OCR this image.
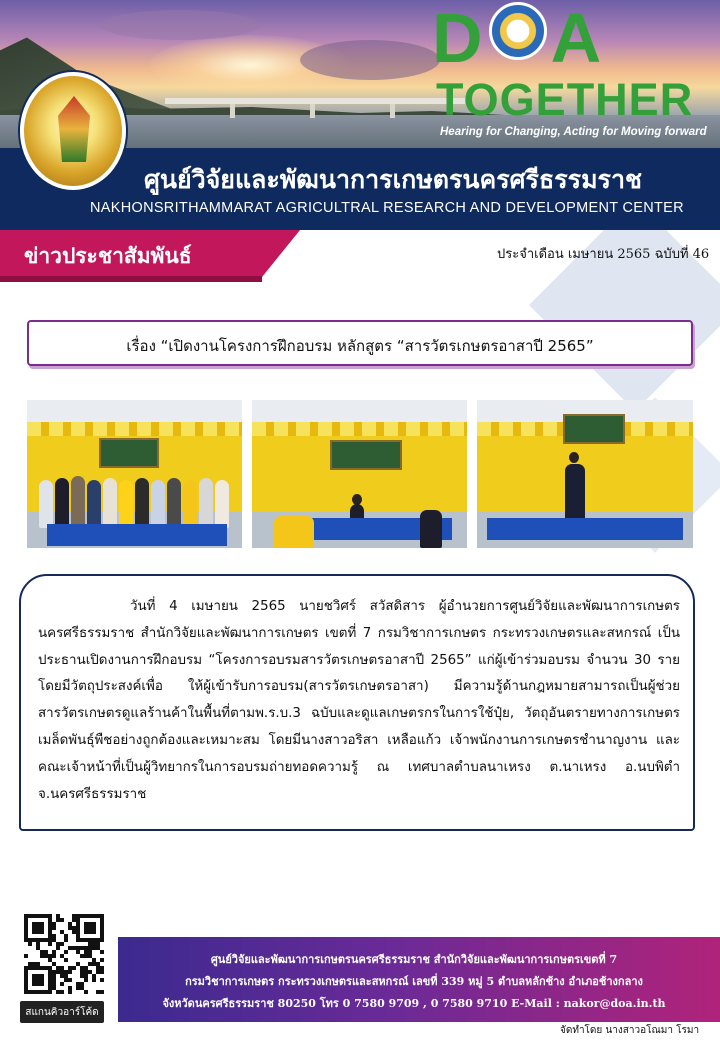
D A
TOGETHER
Hearing for Changing, Acting for Moving forward
ศูนย์วิจัยและพัฒนาการเกษตรนครศรีธรรมราช
NAKHONSRITHAMMARAT AGRICULTRAL RESEARCH AND DEVELOPMENT CENTER
ข่าวประชาสัมพันธ์	ประจำเดือน เมษายน 2565 ฉบับที่ 46
เรื่อง “เปิดงานโครงการฝึกอบรม หลักสูตร “สารวัตรเกษตรอาสาปี 2565”
วันที่ 4 เมษายน 2565 นายชวิศร์ สวัสดิสาร ผู้อำนวยการศูนย์วิจัยและพัฒนาการเกษตรนครศรีธรรมราช สำนักวิจัยและพัฒนาการเกษตร เขตที่ 7 กรมวิชาการเกษตร กระทรวงเกษตรและสหกรณ์ เป็นประธานเปิดงานการฝึกอบรม “โครงการอบรมสารวัตรเกษตรอาสาปี 2565” แก่ผู้เข้าร่วมอบรม จำนวน 30 ราย โดยมีวัตถุประสงค์เพื่อ ให้ผู้เข้ารับการอบรม(สารวัตรเกษตรอาสา) มีความรู้ด้านกฎหมายสามารถเป็นผู้ช่วยสารวัตรเกษตรดูแลร้านค้าในพื้นที่ตามพ.ร.บ.3 ฉบับและดูแลเกษตรกรในการใช้ปุ๋ย, วัตถุอันตรายทางการเกษตร เมล็ดพันธุ์พืชอย่างถูกต้องและเหมาะสม โดยมีนางสาวอริสา เหลือแก้ว เจ้าพนักงานการเกษตรชำนาญงาน และคณะเจ้าหน้าที่เป็นผู้วิทยากรในการอบรมถ่ายทอดความรู้ ณ เทศบาลตำบลนาเหรง ต.นาเหรง อ.นบพิตำ จ.นครศรีธรรมราช
สแกนคิวอาร์โค้ด
ศูนย์วิจัยและพัฒนาการเกษตรนครศรีธรรมราช สำนักวิจัยและพัฒนาการเกษตรเขตที่ 7
กรมวิชาการเกษตร กระทรวงเกษตรและสหกรณ์ เลขที่ 339 หมู่ 5 ตำบลหลักช้าง อำเภอช้างกลาง
จังหวัดนครศรีธรรมราช 80250 โทร 0 7580 9709 , 0 7580 9710 E-Mail : nakor@doa.in.th
จัดทำโดย นางสาวอโณมา โรมา
